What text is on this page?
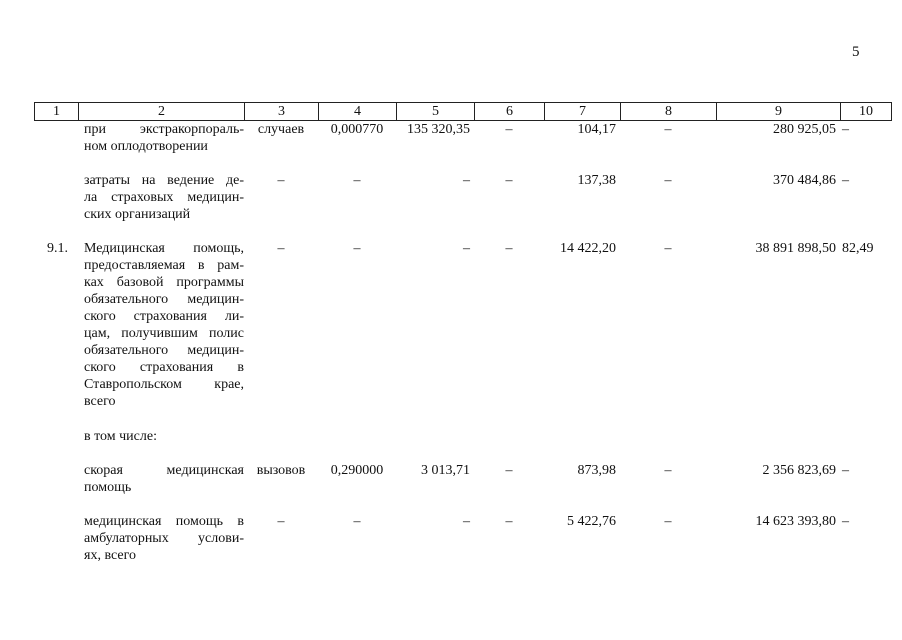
5
1	2	3	4	5	6	7	8	9	10
при экстракорпораль-
ном оплодотворении
случаев	0,000770	135 320,35	–	104,17	–	280 925,05 –
затраты на ведение де-
ла страховых медицин-
ских организаций
–	–	–	–	137,38	–	370 484,86 –
9.1.	Медицинская помощь,
предоставляемая в рам-
ках базовой программы
обязательного медицин-
ского страхования ли-
цам, получившим полис
обязательного медицин-
ского страхования в
Ставропольском крае,
всего
–	–	–	–	14 422,20	–	38 891 898,50 82,49
в том числе:
скорая медицинская
помощь
вызовов	0,290000	3 013,71	–	873,98	–	2 356 823,69 –
медицинская помощь в
амбулаторных услови-
ях, всего
–	–	–	–	5 422,76	–	14 623 393,80 –
